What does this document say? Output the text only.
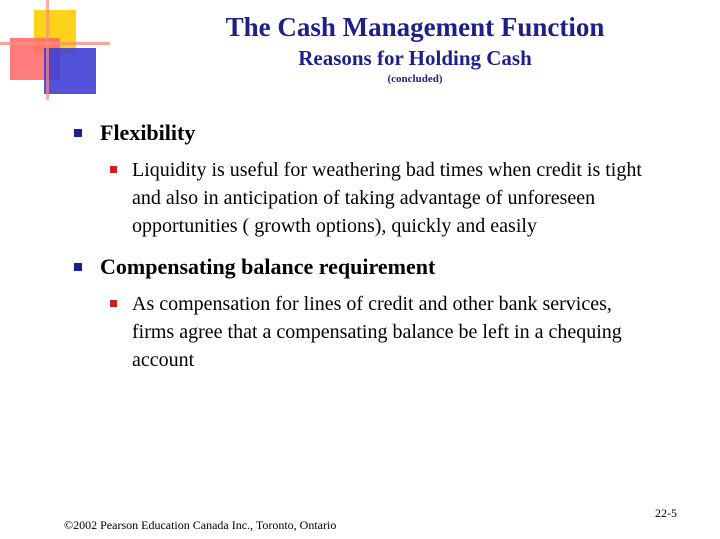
The Cash Management Function
Reasons for Holding Cash
(concluded)
Flexibility
Liquidity is useful for weathering bad times when credit is tight and also in anticipation of taking advantage of unforeseen opportunities ( growth options), quickly and easily
Compensating balance requirement
As compensation for lines of credit and other bank services, firms agree that a compensating balance be left in a chequing account
22-5
©2002 Pearson Education Canada Inc., Toronto, Ontario
